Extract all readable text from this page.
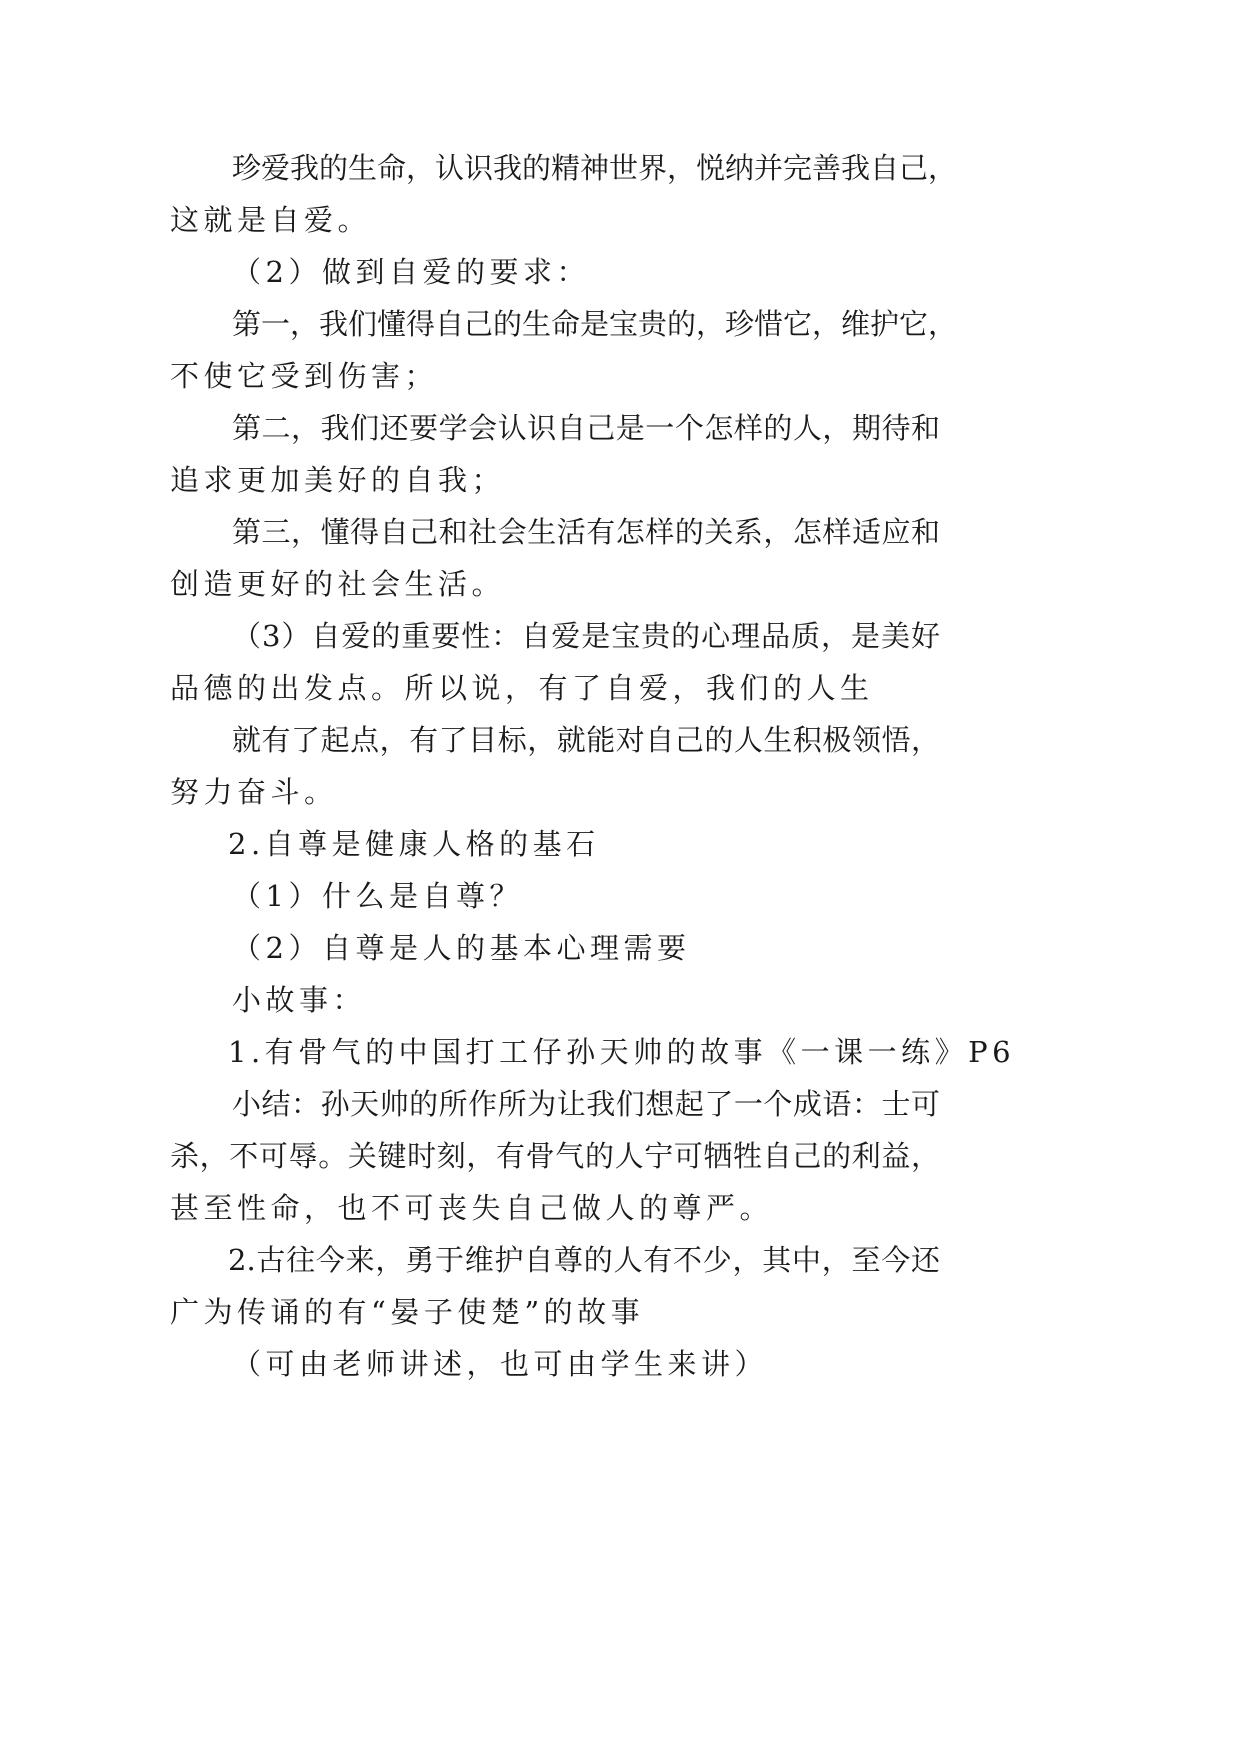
珍爱我的生命，认识我的精神世界，悦纳并完善我自己，
这就是自爱。
（2）做到自爱的要求：
第一，我们懂得自己的生命是宝贵的，珍惜它，维护它，
不使它受到伤害；
第二，我们还要学会认识自己是一个怎样的人，期待和
追求更加美好的自我；
第三，懂得自己和社会生活有怎样的关系，怎样适应和
创造更好的社会生活。
（3）自爱的重要性：自爱是宝贵的心理品质，是美好
品德的出发点。所以说，有了自爱，我们的人生
就有了起点，有了目标，就能对自己的人生积极领悟，
努力奋斗。
2.自尊是健康人格的基石
（1）什么是自尊？
（2）自尊是人的基本心理需要
小故事：
1.有骨气的中国打工仔孙天帅的故事《一课一练》P6
小结：孙天帅的所作所为让我们想起了一个成语：士可
杀，不可辱。关键时刻，有骨气的人宁可牺牲自己的利益，
甚至性命，也不可丧失自己做人的尊严。
2.古往今来，勇于维护自尊的人有不少，其中，至今还
广为传诵的有“晏子使楚”的故事
（可由老师讲述，也可由学生来讲）
